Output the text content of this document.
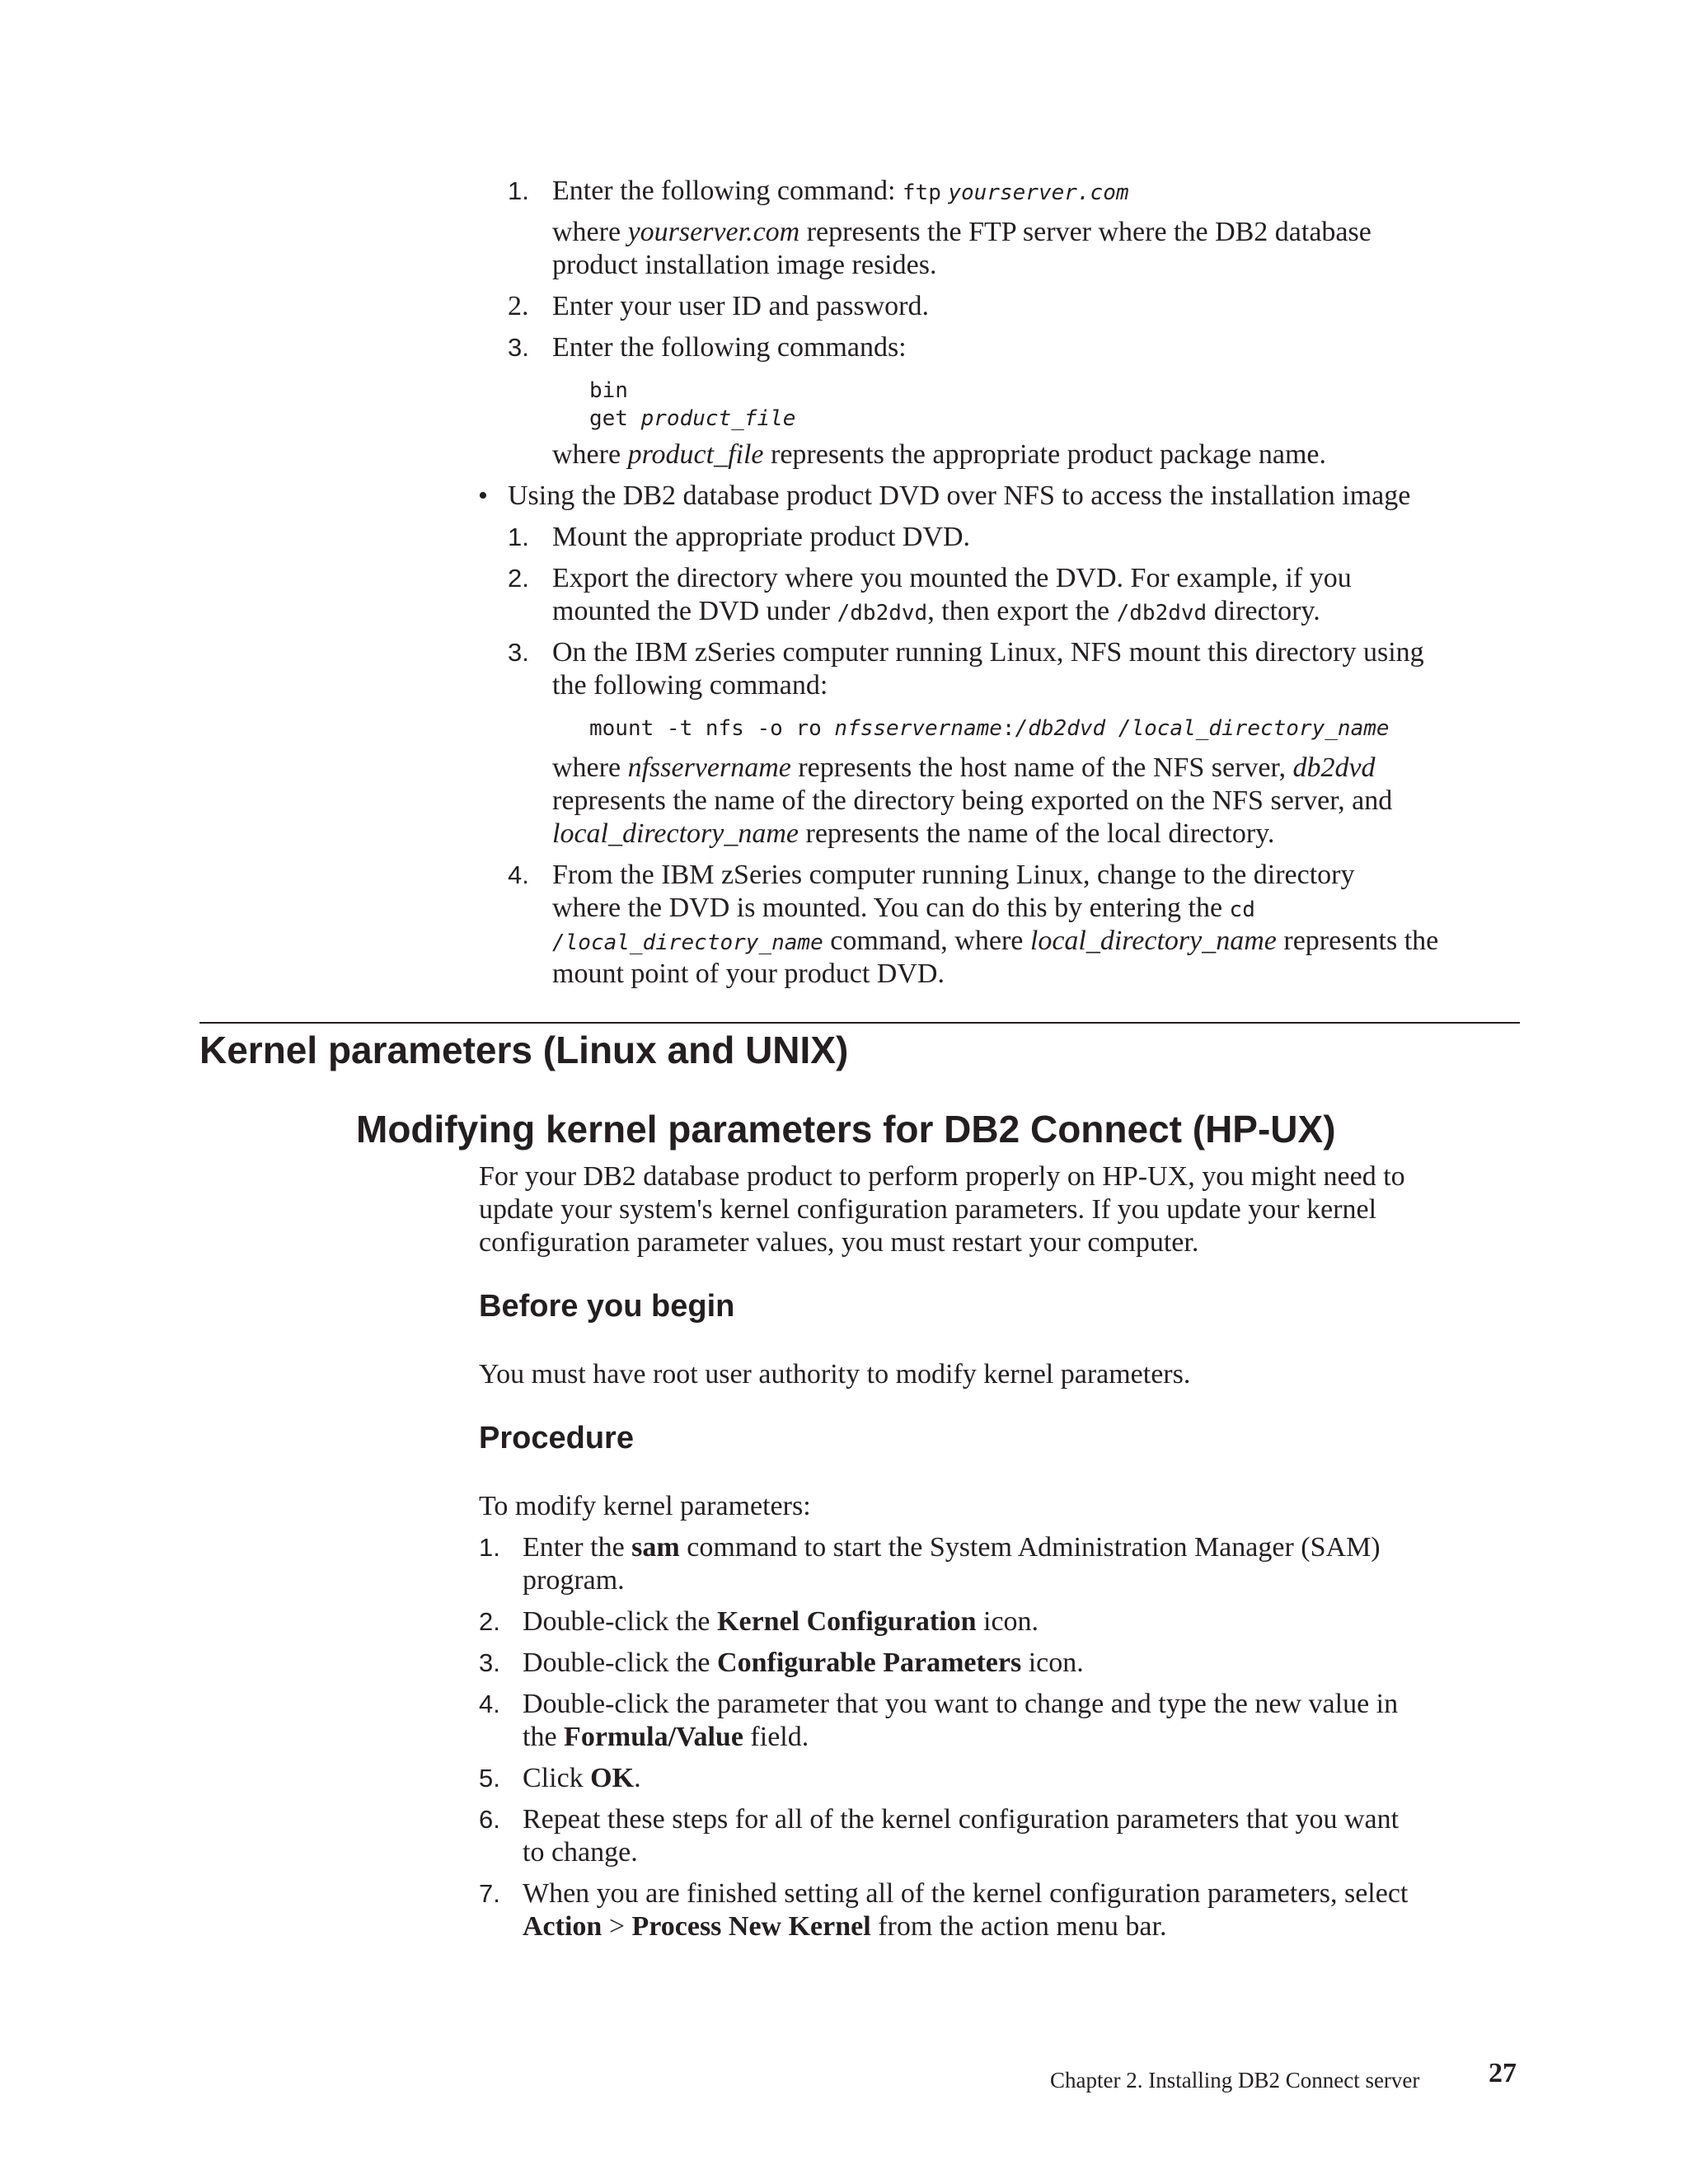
1. Enter the following command: ftp yourserver.com
where yourserver.com represents the FTP server where the DB2 database
product installation image resides.
2. Enter your user ID and password.
3. Enter the following commands:
bin
get product_file
where product_file represents the appropriate product package name.
• Using the DB2 database product DVD over NFS to access the installation image
1. Mount the appropriate product DVD.
2. Export the directory where you mounted the DVD. For example, if you
mounted the DVD under /db2dvd, then export the /db2dvd directory.
3. On the IBM zSeries computer running Linux, NFS mount this directory using
the following command:
mount -t nfs -o ro nfsservername:/db2dvd /local_directory_name
where nfsservername represents the host name of the NFS server, db2dvd
represents the name of the directory being exported on the NFS server, and
local_directory_name represents the name of the local directory.
4. From the IBM zSeries computer running Linux, change to the directory
where the DVD is mounted. You can do this by entering the cd
/local_directory_name command, where local_directory_name represents the
mount point of your product DVD.
Kernel parameters (Linux and UNIX)
Modifying kernel parameters for DB2 Connect (HP-UX)
For your DB2 database product to perform properly on HP-UX, you might need to
update your system's kernel configuration parameters. If you update your kernel
configuration parameter values, you must restart your computer.
Before you begin
You must have root user authority to modify kernel parameters.
Procedure
To modify kernel parameters:
1. Enter the sam command to start the System Administration Manager (SAM)
program.
2. Double-click the Kernel Configuration icon.
3. Double-click the Configurable Parameters icon.
4. Double-click the parameter that you want to change and type the new value in
the Formula/Value field.
5. Click OK.
6. Repeat these steps for all of the kernel configuration parameters that you want
to change.
7. When you are finished setting all of the kernel configuration parameters, select
Action > Process New Kernel from the action menu bar.
Chapter 2. Installing DB2 Connect server 27
